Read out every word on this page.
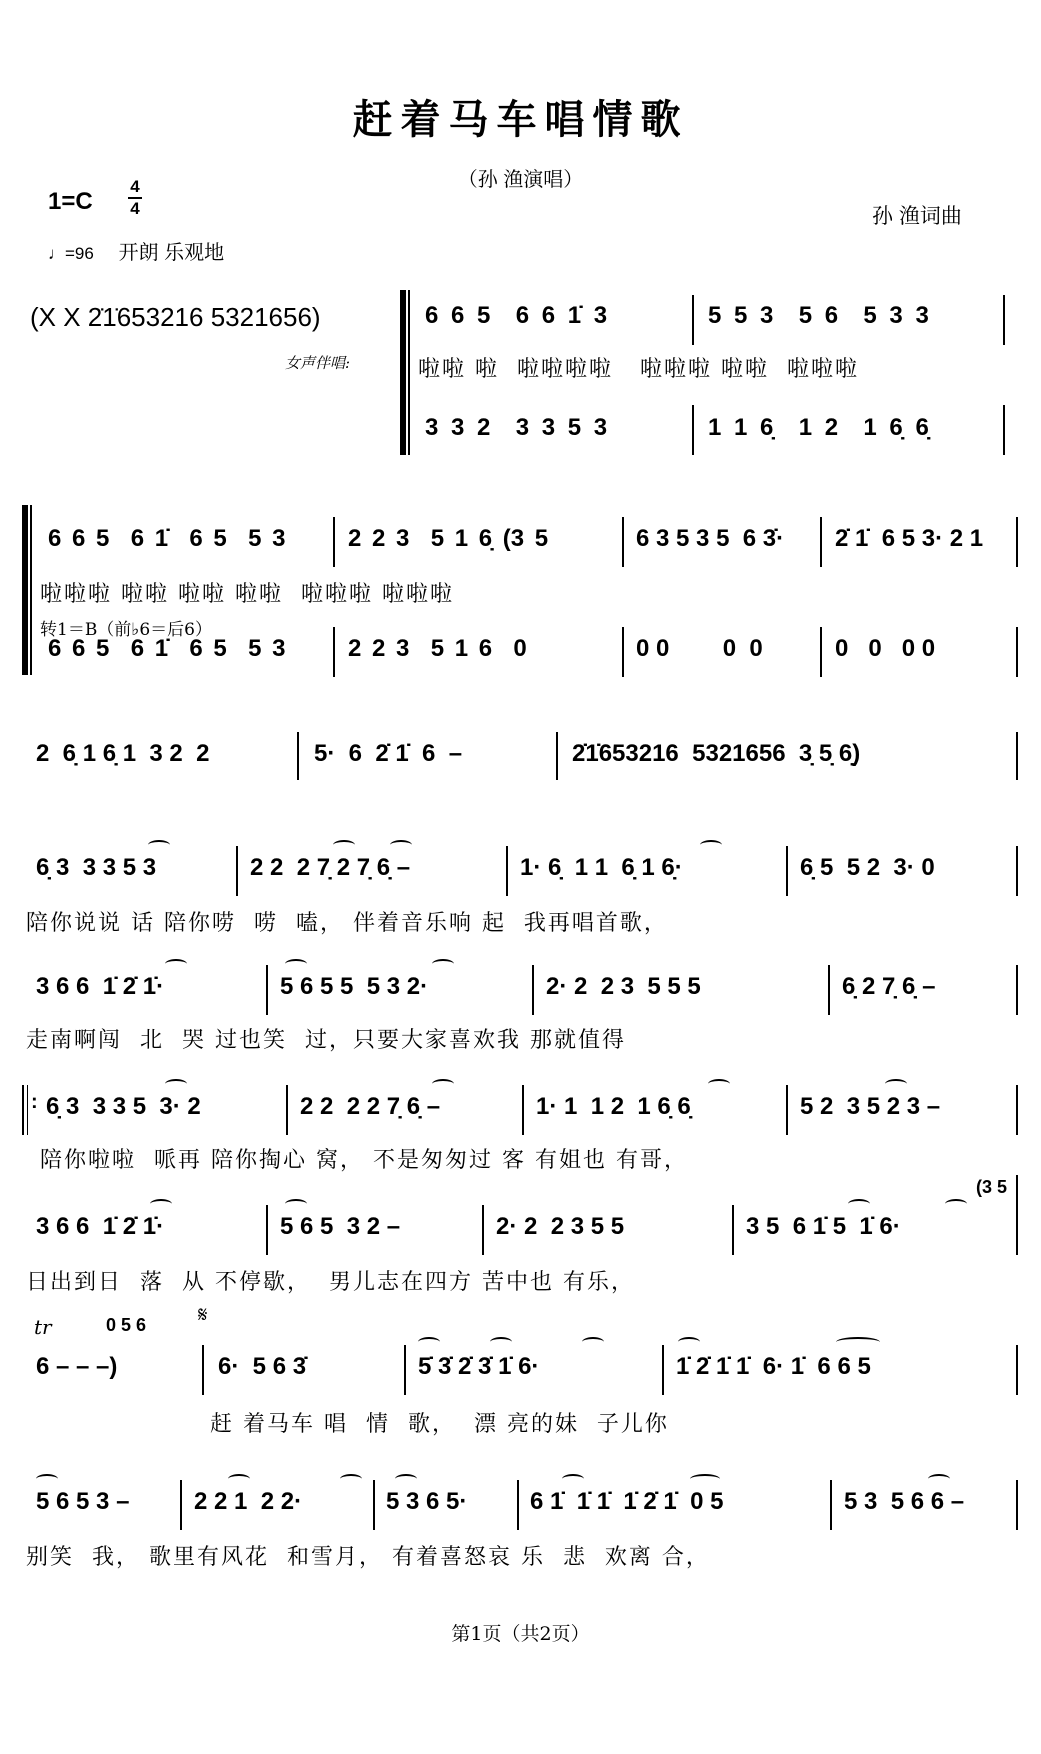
赶着马车唱情歌
（孙 渔演唱）
1=C
4
4	孙 渔词曲
♩=96 开朗 乐观地
(X X 2̇1̇653216 5321656)
女声伴唱:
6 6 5  6 6 1̇ 3	5 5 3  5 6  5 3 3
啦啦 啦  啦啦啦啦   啦啦啦 啦啦  啦啦啦
3 3 2  3 3 5 3	1 1 6̣  1 2  1 6̣ 6̣
6 6 5  6 1̇  6 5  5 3	2 2 3  5 1 6̣ (3 5	6 3 5 3 5  6 3̇· 2̇ 1̇  6 5 3· 2 1
啦啦啦 啦啦 啦啦 啦啦  啦啦啦 啦啦啦
转1＝B（前♭6＝后6）
6 6 5  6 1̇  6 5  5 3	2 2 3  5 1 6  0	0 0        0  0	0   0   0 0
2  6̣ 1 6̣ 1  3 2  2	5·  6  2̇ 1̇  6  –	2̇1̇653216  5321656  3̣ 5̣ 6̣)
6̣ 3  3 3 5 3	2 2  2 7̣ 2 7̣ 6̣ –	1· 6̣  1 1  6̣ 1 6̣·	6̣ 5  5 2  3· 0
陪你说说 话 陪你唠  唠  嗑， 伴着音乐响 起  我再唱首歌，
3 6 6  1̇ 2̇ 1̇·	5 6 5 5  5 3 2·	2· 2  2 3  5 5 5	6̣ 2 7̣ 6̣ –
走南啊闯  北  哭 过也笑  过，只要大家喜欢我 那就值得
: 6̣ 3  3 3 5  3· 2	2 2  2 2 7̣ 6̣ –	1· 1  1 2  1 6̣ 6̣	5 2  3 5 2 3 –
陪你啦啦  哌再 陪你掏心 窝， 不是匆匆过 客 有姐也 有哥，
(3 5
3 6 6  1̇ 2̇ 1̇·	5 6 5  3 2 –	2· 2  2 3 5 5	3 5  6 1̇ 5  1̇ 6·
日出到日  落  从 不停歇，  男儿志在四方 苦中也 有乐，
tr	0 5 6 𝄋
6 – – –)	6·  5 6 3̇	5̇ 3̇ 2̇ 3̇ 1̇ 6·	1̇ 2̇ 1̇ 1̇  6· 1̇  6 6 5
赶 着马车 唱  情  歌，  漂 亮的妹  子儿你
5 6 5 3 –	2 2 1  2 2·	5 3 6 5·	6 1̇  1̇ 1̇  1̇ 2̇ 1̇  0 5	5 3  5 6 6 –
别笑  我， 歌里有风花  和雪月， 有着喜怒哀 乐  悲  欢离 合，
第1页（共2页）
